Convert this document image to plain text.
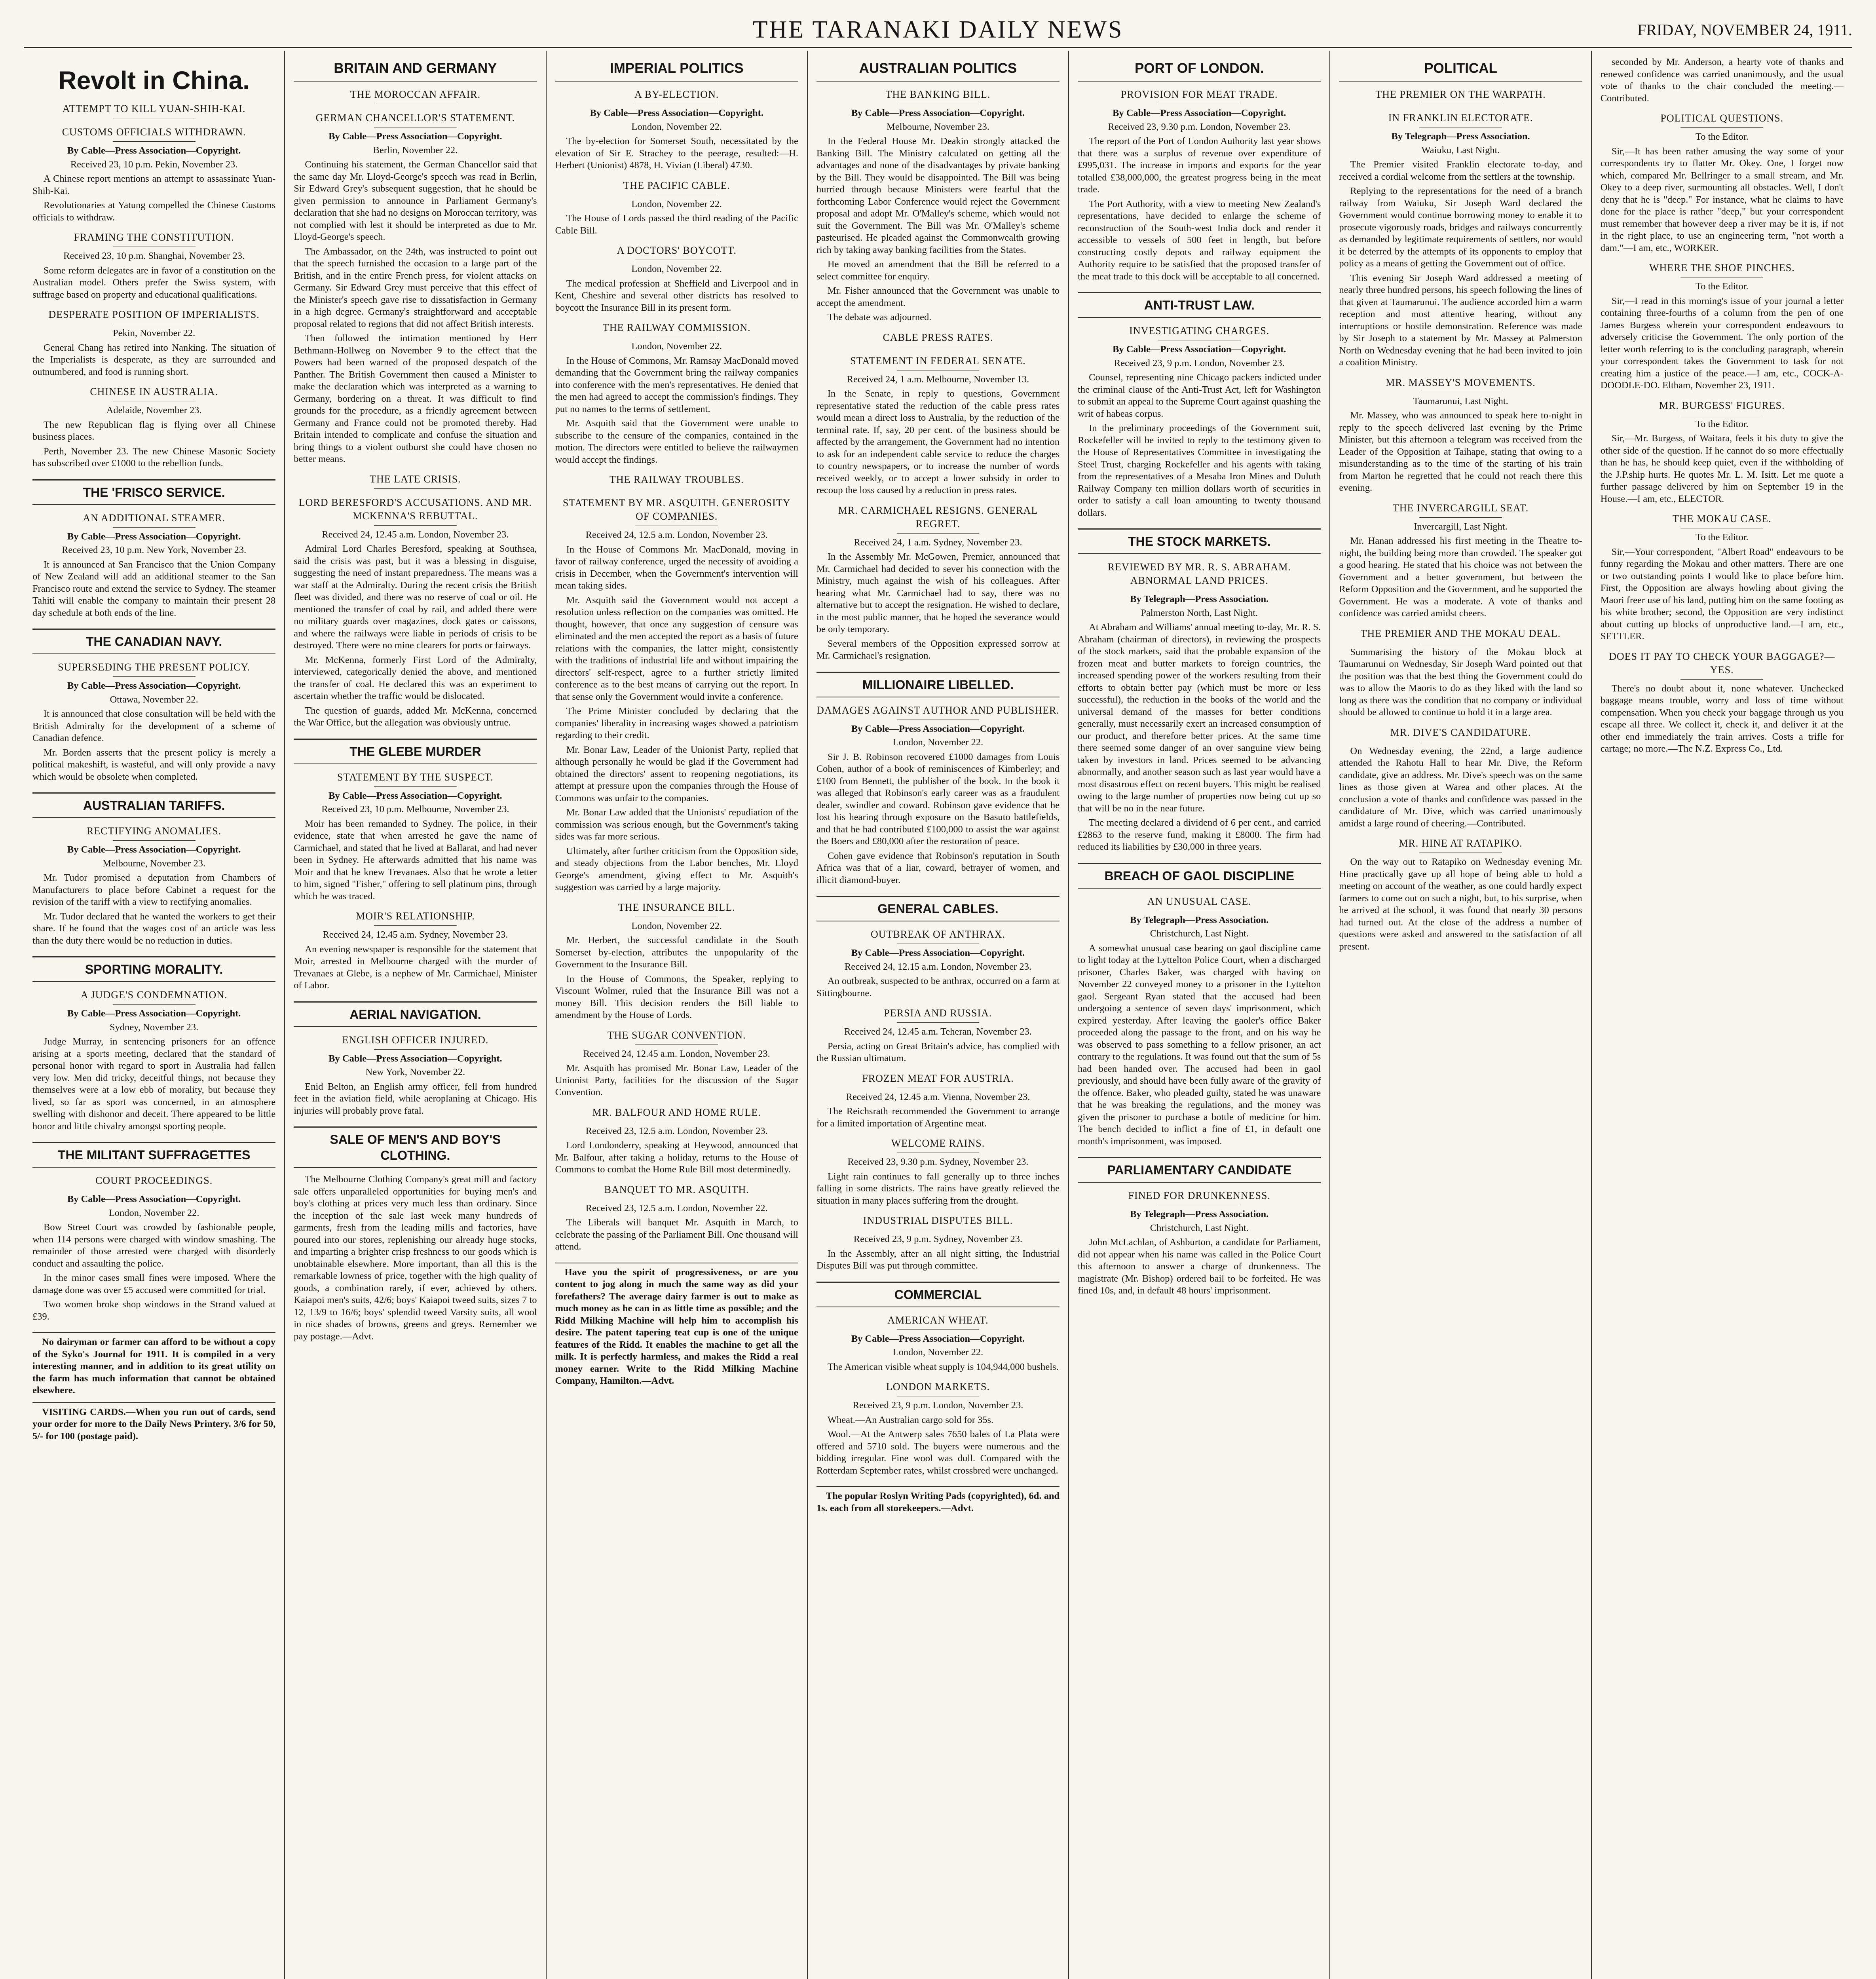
THE TARANAKI DAILY NEWS	FRIDAY, NOVEMBER 24, 1911.
Revolt in China.
ATTEMPT TO KILL YUAN-SHIH-KAI.
CUSTOMS OFFICIALS WITHDRAWN.
By Cable—Press Association—Copyright.
Received 23, 10 p.m. Pekin, November 23.

A Chinese report mentions an attempt to assassinate Yuan-Shih-Kai.

Revolutionaries at Yatung compelled the Chinese Customs officials to withdraw.

FRAMING THE CONSTITUTION.
Received 23, 10 p.m. Shanghai, November 23.

Some reform delegates are in favor of a constitution on the Australian model. Others prefer the Swiss system, with suffrage based on property and educational qualifications.

DESPERATE POSITION OF IMPERIALISTS.
Pekin, November 22.

General Chang has retired into Nanking. The situation of the Imperialists is desperate, as they are surrounded and outnumbered, and food is running short.

CHINESE IN AUSTRALIA.
Adelaide, November 23.

The new Republican flag is flying over all Chinese business places.

Perth, November 23. The new Chinese Masonic Society has subscribed over £1000 to the rebellion funds.

THE 'FRISCO SERVICE.
AN ADDITIONAL STEAMER.
By Cable—Press Association—Copyright.
Received 23, 10 p.m. New York, November 23.

It is announced at San Francisco that the Union Company of New Zealand will add an additional steamer to the San Francisco route and extend the service to Sydney. The steamer Tahiti will enable the company to maintain their present 28 day schedule at both ends of the line.

THE CANADIAN NAVY.
SUPERSEDING THE PRESENT POLICY.
By Cable—Press Association—Copyright.
Ottawa, November 22.

It is announced that close consultation will be held with the British Admiralty for the development of a scheme of Canadian defence.

Mr. Borden asserts that the present policy is merely a political makeshift, is wasteful, and will only provide a navy which would be obsolete when completed.

AUSTRALIAN TARIFFS.
RECTIFYING ANOMALIES.
By Cable—Press Association—Copyright.
Melbourne, November 23.

Mr. Tudor promised a deputation from Chambers of Manufacturers to place before Cabinet a request for the revision of the tariff with a view to rectifying anomalies.

Mr. Tudor declared that he wanted the workers to get their share. If he found that the wages cost of an article was less than the duty there would be no reduction in duties.

SPORTING MORALITY.
A JUDGE'S CONDEMNATION.
By Cable—Press Association—Copyright.
Sydney, November 23.

Judge Murray, in sentencing prisoners for an offence arising at a sports meeting, declared that the standard of personal honor with regard to sport in Australia had fallen very low. Men did tricky, deceitful things, not because they themselves were at a low ebb of morality, but because they lived, so far as sport was concerned, in an atmosphere swelling with dishonor and deceit. There appeared to be little honor and little chivalry amongst sporting people.

THE MILITANT SUFFRAGETTES
COURT PROCEEDINGS.
By Cable—Press Association—Copyright.
London, November 22.

Bow Street Court was crowded by fashionable people, when 114 persons were charged with window smashing. The remainder of those arrested were charged with disorderly conduct and assaulting the police.

In the minor cases small fines were imposed. Where the damage done was over £5 accused were committed for trial.

Two women broke shop windows in the Strand valued at £39.

No dairyman or farmer can afford to be without a copy of the Syko's Journal for 1911. It is compiled in a very interesting manner, and in addition to its great utility on the farm has much information that cannot be obtained elsewhere.

VISITING CARDS.—When you run out of cards, send your order for more to the Daily News Printery. 3/6 for 50, 5/- for 100 (postage paid).

BRITAIN AND GERMANY
THE MOROCCAN AFFAIR.
GERMAN CHANCELLOR'S STATEMENT.
By Cable—Press Association—Copyright.
Berlin, November 22.

Continuing his statement, the German Chancellor said that the same day Mr. Lloyd-George's speech was read in Berlin, Sir Edward Grey's subsequent suggestion, that he should be given permission to announce in Parliament Germany's declaration that she had no designs on Moroccan territory, was not complied with lest it should be interpreted as due to Mr. Lloyd-George's speech.

The Ambassador, on the 24th, was instructed to point out that the speech furnished the occasion to a large part of the British, and in the entire French press, for violent attacks on Germany. Sir Edward Grey must perceive that this effect of the Minister's speech gave rise to dissatisfaction in Germany in a high degree. Germany's straightforward and acceptable proposal related to regions that did not affect British interests.

Then followed the intimation mentioned by Herr Bethmann-Hollweg on November 9 to the effect that the Powers had been warned of the proposed despatch of the Panther. The British Government then caused a Minister to make the declaration which was interpreted as a warning to Germany, bordering on a threat. It was difficult to find grounds for the procedure, as a friendly agreement between Germany and France could not be promoted thereby. Had Britain intended to complicate and confuse the situation and bring things to a violent outburst she could have chosen no better means.

THE LATE CRISIS.
LORD BERESFORD'S ACCUSATIONS. AND MR. MCKENNA'S REBUTTAL.
Received 24, 12.45 a.m. London, November 23.

Admiral Lord Charles Beresford, speaking at Southsea, said the crisis was past, but it was a blessing in disguise, suggesting the need of instant preparedness. The means was a war staff at the Admiralty. During the recent crisis the British fleet was divided, and there was no reserve of coal or oil. He mentioned the transfer of coal by rail, and added there were no military guards over magazines, dock gates or caissons, and where the railways were liable in periods of crisis to be destroyed. There were no mine clearers for ports or fairways.

Mr. McKenna, formerly First Lord of the Admiralty, interviewed, categorically denied the above, and mentioned the transfer of coal. He declared this was an experiment to ascertain whether the traffic would be dislocated.

The question of guards, added Mr. McKenna, concerned the War Office, but the allegation was obviously untrue.

THE GLEBE MURDER
STATEMENT BY THE SUSPECT.
By Cable—Press Association—Copyright.
Received 23, 10 p.m. Melbourne, November 23.

Moir has been remanded to Sydney. The police, in their evidence, state that when arrested he gave the name of Carmichael, and stated that he lived at Ballarat, and had never been in Sydney. He afterwards admitted that his name was Moir and that he knew Trevanaes. Also that he wrote a letter to him, signed "Fisher," offering to sell platinum pins, through which he was traced.

MOIR'S RELATIONSHIP.
Received 24, 12.45 a.m. Sydney, November 23.

An evening newspaper is responsible for the statement that Moir, arrested in Melbourne charged with the murder of Trevanaes at Glebe, is a nephew of Mr. Carmichael, Minister of Labor.

AERIAL NAVIGATION.
ENGLISH OFFICER INJURED.
By Cable—Press Association—Copyright.
New York, November 22.

Enid Belton, an English army officer, fell from hundred feet in the aviation field, while aeroplaning at Chicago. His injuries will probably prove fatal.

SALE OF MEN'S AND BOY'S CLOTHING.

The Melbourne Clothing Company's great mill and factory sale offers unparalleled opportunities for buying men's and boy's clothing at prices very much less than ordinary. Since the inception of the sale last week many hundreds of garments, fresh from the leading mills and factories, have poured into our stores, replenishing our already huge stocks, and imparting a brighter crisp freshness to our goods which is unobtainable elsewhere. More important, than all this is the remarkable lowness of price, together with the high quality of goods, a combination rarely, if ever, achieved by others. Kaiapoi men's suits, 42/6; boys' Kaiapoi tweed suits, sizes 7 to 12, 13/9 to 16/6; boys' splendid tweed Varsity suits, all wool in nice shades of browns, greens and greys. Remember we pay postage.—Advt.

IMPERIAL POLITICS
A BY-ELECTION.
By Cable—Press Association—Copyright.
London, November 22.

The by-election for Somerset South, necessitated by the elevation of Sir E. Strachey to the peerage, resulted:—H. Herbert (Unionist) 4878, H. Vivian (Liberal) 4730.

THE PACIFIC CABLE.
London, November 22.

The House of Lords passed the third reading of the Pacific Cable Bill.

A DOCTORS' BOYCOTT.
London, November 22.

The medical profession at Sheffield and Liverpool and in Kent, Cheshire and several other districts has resolved to boycott the Insurance Bill in its present form.

THE RAILWAY COMMISSION.
London, November 22.

In the House of Commons, Mr. Ramsay MacDonald moved demanding that the Government bring the railway companies into conference with the men's representatives. He denied that the men had agreed to accept the commission's findings. They put no names to the terms of settlement.

Mr. Asquith said that the Government were unable to subscribe to the censure of the companies, contained in the motion. The directors were entitled to believe the railwaymen would accept the findings.

THE RAILWAY TROUBLES.
STATEMENT BY MR. ASQUITH. GENEROSITY OF COMPANIES.
Received 24, 12.5 a.m. London, November 23.

In the House of Commons Mr. MacDonald, moving in favor of railway conference, urged the necessity of avoiding a crisis in December, when the Government's intervention will mean taking sides.

Mr. Asquith said the Government would not accept a resolution unless reflection on the companies was omitted. He thought, however, that once any suggestion of censure was eliminated and the men accepted the report as a basis of future relations with the companies, the latter might, consistently with the traditions of industrial life and without impairing the directors' self-respect, agree to a further strictly limited conference as to the best means of carrying out the report. In that sense only the Government would invite a conference.

The Prime Minister concluded by declaring that the companies' liberality in increasing wages showed a patriotism regarding to their credit.

Mr. Bonar Law, Leader of the Unionist Party, replied that although personally he would be glad if the Government had obtained the directors' assent to reopening negotiations, its attempt at pressure upon the companies through the House of Commons was unfair to the companies.

Mr. Bonar Law added that the Unionists' repudiation of the commission was serious enough, but the Government's taking sides was far more serious.

Ultimately, after further criticism from the Opposition side, and steady objections from the Labor benches, Mr. Lloyd George's amendment, giving effect to Mr. Asquith's suggestion was carried by a large majority.

THE INSURANCE BILL.
London, November 22.

Mr. Herbert, the successful candidate in the South Somerset by-election, attributes the unpopularity of the Government to the Insurance Bill.

In the House of Commons, the Speaker, replying to Viscount Wolmer, ruled that the Insurance Bill was not a money Bill. This decision renders the Bill liable to amendment by the House of Lords.

THE SUGAR CONVENTION.
Received 24, 12.45 a.m. London, November 23.

Mr. Asquith has promised Mr. Bonar Law, Leader of the Unionist Party, facilities for the discussion of the Sugar Convention.

MR. BALFOUR AND HOME RULE.
Received 23, 12.5 a.m. London, November 23.

Lord Londonderry, speaking at Heywood, announced that Mr. Balfour, after taking a holiday, returns to the House of Commons to combat the Home Rule Bill most determinedly.

BANQUET TO MR. ASQUITH.
Received 23, 12.5 a.m. London, November 22.

The Liberals will banquet Mr. Asquith in March, to celebrate the passing of the Parliament Bill. One thousand will attend.

Have you the spirit of progressiveness, or are you content to jog along in much the same way as did your forefathers? The average dairy farmer is out to make as much money as he can in as little time as possible; and the Ridd Milking Machine will help him to accomplish his desire. The patent tapering teat cup is one of the unique features of the Ridd. It enables the machine to get all the milk. It is perfectly harmless, and makes the Ridd a real money earner. Write to the Ridd Milking Machine Company, Hamilton.—Advt.

AUSTRALIAN POLITICS
THE BANKING BILL.
By Cable—Press Association—Copyright.
Melbourne, November 23.

In the Federal House Mr. Deakin strongly attacked the Banking Bill. The Ministry calculated on getting all the advantages and none of the disadvantages by private banking by the Bill. They would be disappointed. The Bill was being hurried through because Ministers were fearful that the forthcoming Labor Conference would reject the Government proposal and adopt Mr. O'Malley's scheme, which would not suit the Government. The Bill was Mr. O'Malley's scheme pasteurised. He pleaded against the Commonwealth growing rich by taking away banking facilities from the States.

He moved an amendment that the Bill be referred to a select committee for enquiry.

Mr. Fisher announced that the Government was unable to accept the amendment.

The debate was adjourned.

CABLE PRESS RATES.
STATEMENT IN FEDERAL SENATE.
Received 24, 1 a.m. Melbourne, November 13.

In the Senate, in reply to questions, Government representative stated the reduction of the cable press rates would mean a direct loss to Australia, by the reduction of the terminal rate. If, say, 20 per cent. of the business should be affected by the arrangement, the Government had no intention to ask for an independent cable service to reduce the charges to country newspapers, or to increase the number of words received weekly, or to accept a lower subsidy in order to recoup the loss caused by a reduction in press rates.

MR. CARMICHAEL RESIGNS. GENERAL REGRET.
Received 24, 1 a.m. Sydney, November 23.

In the Assembly Mr. McGowen, Premier, announced that Mr. Carmichael had decided to sever his connection with the Ministry, much against the wish of his colleagues. After hearing what Mr. Carmichael had to say, there was no alternative but to accept the resignation. He wished to declare, in the most public manner, that he hoped the severance would be only temporary.

Several members of the Opposition expressed sorrow at Mr. Carmichael's resignation.

MILLIONAIRE LIBELLED.
DAMAGES AGAINST AUTHOR AND PUBLISHER.
By Cable—Press Association—Copyright.
London, November 22.

Sir J. B. Robinson recovered £1000 damages from Louis Cohen, author of a book of reminiscences of Kimberley; and £100 from Bennett, the publisher of the book. In the book it was alleged that Robinson's early career was as a fraudulent dealer, swindler and coward. Robinson gave evidence that he lost his hearing through exposure on the Basuto battlefields, and that he had contributed £100,000 to assist the war against the Boers and £80,000 after the restoration of peace.

Cohen gave evidence that Robinson's reputation in South Africa was that of a liar, coward, betrayer of women, and illicit diamond-buyer.

GENERAL CABLES.
OUTBREAK OF ANTHRAX.
By Cable—Press Association—Copyright.
Received 24, 12.15 a.m. London, November 23.

An outbreak, suspected to be anthrax, occurred on a farm at Sittingbourne.

PERSIA AND RUSSIA.
Received 24, 12.45 a.m. Teheran, November 23.

Persia, acting on Great Britain's advice, has complied with the Russian ultimatum.

FROZEN MEAT FOR AUSTRIA.
Received 24, 12.45 a.m. Vienna, November 23.

The Reichsrath recommended the Government to arrange for a limited importation of Argentine meat.

WELCOME RAINS.
Received 23, 9.30 p.m. Sydney, November 23.

Light rain continues to fall generally up to three inches falling in some districts. The rains have greatly relieved the situation in many places suffering from the drought.

INDUSTRIAL DISPUTES BILL.
Received 23, 9 p.m. Sydney, November 23.

In the Assembly, after an all night sitting, the Industrial Disputes Bill was put through committee.

COMMERCIAL
AMERICAN WHEAT.
By Cable—Press Association—Copyright.
London, November 22.

The American visible wheat supply is 104,944,000 bushels.

LONDON MARKETS.
Received 23, 9 p.m. London, November 23.

Wheat.—An Australian cargo sold for 35s.

Wool.—At the Antwerp sales 7650 bales of La Plata were offered and 5710 sold. The buyers were numerous and the bidding irregular. Fine wool was dull. Compared with the Rotterdam September rates, whilst crossbred were unchanged.

The popular Roslyn Writing Pads (copyrighted), 6d. and 1s. each from all storekeepers.—Advt.

PORT OF LONDON.
PROVISION FOR MEAT TRADE.
By Cable—Press Association—Copyright.
Received 23, 9.30 p.m. London, November 23.

The report of the Port of London Authority last year shows that there was a surplus of revenue over expenditure of £995,031. The increase in imports and exports for the year totalled £38,000,000, the greatest progress being in the meat trade.

The Port Authority, with a view to meeting New Zealand's representations, have decided to enlarge the scheme of reconstruction of the South-west India dock and render it accessible to vessels of 500 feet in length, but before constructing costly depots and railway equipment the Authority require to be satisfied that the proposed transfer of the meat trade to this dock will be acceptable to all concerned.

ANTI-TRUST LAW.
INVESTIGATING CHARGES.
By Cable—Press Association—Copyright.
Received 23, 9 p.m. London, November 23.

Counsel, representing nine Chicago packers indicted under the criminal clause of the Anti-Trust Act, left for Washington to submit an appeal to the Supreme Court against quashing the writ of habeas corpus.

In the preliminary proceedings of the Government suit, Rockefeller will be invited to reply to the testimony given to the House of Representatives Committee in investigating the Steel Trust, charging Rockefeller and his agents with taking from the representatives of a Mesaba Iron Mines and Duluth Railway Company ten million dollars worth of securities in order to satisfy a call loan amounting to twenty thousand dollars.

THE STOCK MARKETS.
REVIEWED BY MR. R. S. ABRAHAM. ABNORMAL LAND PRICES.
By Telegraph—Press Association.
Palmerston North, Last Night.

At Abraham and Williams' annual meeting to-day, Mr. R. S. Abraham (chairman of directors), in reviewing the prospects of the stock markets, said that the probable expansion of the frozen meat and butter markets to foreign countries, the increased spending power of the workers resulting from their efforts to obtain better pay (which must be more or less successful), the reduction in the books of the world and the universal demand of the masses for better conditions generally, must necessarily exert an increased consumption of our product, and therefore better prices. At the same time there seemed some danger of an over sanguine view being taken by investors in land. Prices seemed to be advancing abnormally, and another season such as last year would have a most disastrous effect on recent buyers. This might be realised owing to the large number of properties now being cut up so that will be no in the near future.

The meeting declared a dividend of 6 per cent., and carried £2863 to the reserve fund, making it £8000. The firm had reduced its liabilities by £30,000 in three years.

BREACH OF GAOL DISCIPLINE
AN UNUSUAL CASE.
By Telegraph—Press Association.
Christchurch, Last Night.

A somewhat unusual case bearing on gaol discipline came to light today at the Lyttelton Police Court, when a discharged prisoner, Charles Baker, was charged with having on November 22 conveyed money to a prisoner in the Lyttelton gaol. Sergeant Ryan stated that the accused had been undergoing a sentence of seven days' imprisonment, which expired yesterday. After leaving the gaoler's office Baker proceeded along the passage to the front, and on his way he was observed to pass something to a fellow prisoner, an act contrary to the regulations. It was found out that the sum of 5s had been handed over. The accused had been in gaol previously, and should have been fully aware of the gravity of the offence. Baker, who pleaded guilty, stated he was unaware that he was breaking the regulations, and the money was given the prisoner to purchase a bottle of medicine for him. The bench decided to inflict a fine of £1, in default one month's imprisonment, was imposed.

PARLIAMENTARY CANDIDATE
FINED FOR DRUNKENNESS.
By Telegraph—Press Association.
Christchurch, Last Night.

John McLachlan, of Ashburton, a candidate for Parliament, did not appear when his name was called in the Police Court this afternoon to answer a charge of drunkenness. The magistrate (Mr. Bishop) ordered bail to be forfeited. He was fined 10s, and, in default 48 hours' imprisonment.

POLITICAL
THE PREMIER ON THE WARPATH.
IN FRANKLIN ELECTORATE.
By Telegraph—Press Association.
Waiuku, Last Night.

The Premier visited Franklin electorate to-day, and received a cordial welcome from the settlers at the township.

Replying to the representations for the need of a branch railway from Waiuku, Sir Joseph Ward declared the Government would continue borrowing money to enable it to prosecute vigorously roads, bridges and railways concurrently as demanded by legitimate requirements of settlers, nor would it be deterred by the attempts of its opponents to employ that policy as a means of getting the Government out of office.

This evening Sir Joseph Ward addressed a meeting of nearly three hundred persons, his speech following the lines of that given at Taumarunui. The audience accorded him a warm reception and most attentive hearing, without any interruptions or hostile demonstration. Reference was made by Sir Joseph to a statement by Mr. Massey at Palmerston North on Wednesday evening that he had been invited to join a coalition Ministry.

MR. MASSEY'S MOVEMENTS.
Taumarunui, Last Night.

Mr. Massey, who was announced to speak here to-night in reply to the speech delivered last evening by the Prime Minister, but this afternoon a telegram was received from the Leader of the Opposition at Taihape, stating that owing to a misunderstanding as to the time of the starting of his train from Marton he regretted that he could not reach there this evening.

THE INVERCARGILL SEAT.
Invercargill, Last Night.

Mr. Hanan addressed his first meeting in the Theatre to-night, the building being more than crowded. The speaker got a good hearing. He stated that his choice was not between the Government and a better government, but between the Reform Opposition and the Government, and he supported the Government. He was a moderate. A vote of thanks and confidence was carried amidst cheers.

THE PREMIER AND THE MOKAU DEAL.

Summarising the history of the Mokau block at Taumarunui on Wednesday, Sir Joseph Ward pointed out that the position was that the best thing the Government could do was to allow the Maoris to do as they liked with the land so long as there was the condition that no company or individual should be allowed to continue to hold it in a large area.

MR. DIVE'S CANDIDATURE.

On Wednesday evening, the 22nd, a large audience attended the Rahotu Hall to hear Mr. Dive, the Reform candidate, give an address. Mr. Dive's speech was on the same lines as those given at Warea and other places. At the conclusion a vote of thanks and confidence was passed in the candidature of Mr. Dive, which was carried unanimously amidst a large round of cheering.—Contributed.

MR. HINE AT RATAPIKO.

On the way out to Ratapiko on Wednesday evening Mr. Hine practically gave up all hope of being able to hold a meeting on account of the weather, as one could hardly expect farmers to come out on such a night, but, to his surprise, when he arrived at the school, it was found that nearly 30 persons had turned out. At the close of the address a number of questions were asked and answered to the satisfaction of all present.

seconded by Mr. Anderson, a hearty vote of thanks and renewed confidence was carried unanimously, and the usual vote of thanks to the chair concluded the meeting.—Contributed.

POLITICAL QUESTIONS.
To the Editor.

Sir,—It has been rather amusing the way some of your correspondents try to flatter Mr. Okey. One, I forget now which, compared Mr. Bellringer to a small stream, and Mr. Okey to a deep river, surmounting all obstacles. Well, I don't deny that he is "deep." For instance, what he claims to have done for the place is rather "deep," but your correspondent must remember that however deep a river may be it is, if not in the right place, to use an engineering term, "not worth a dam."—I am, etc., WORKER.

WHERE THE SHOE PINCHES.
To the Editor.

Sir,—I read in this morning's issue of your journal a letter containing three-fourths of a column from the pen of one James Burgess wherein your correspondent endeavours to adversely criticise the Government. The only portion of the letter worth referring to is the concluding paragraph, wherein your correspondent takes the Government to task for not creating him a justice of the peace.—I am, etc., COCK-A-DOODLE-DO. Eltham, November 23, 1911.

MR. BURGESS' FIGURES.
To the Editor.

Sir,—Mr. Burgess, of Waitara, feels it his duty to give the other side of the question. If he cannot do so more effectually than he has, he should keep quiet, even if the withholding of the J.P.ship hurts. He quotes Mr. L. M. Isitt. Let me quote a further passage delivered by him on September 19 in the House.—I am, etc., ELECTOR.

THE MOKAU CASE.
To the Editor.

Sir,—Your correspondent, "Albert Road" endeavours to be funny regarding the Mokau and other matters. There are one or two outstanding points I would like to place before him. First, the Opposition are always howling about giving the Maori freer use of his land, putting him on the same footing as his white brother; second, the Opposition are very indistinct about cutting up blocks of unproductive land.—I am, etc., SETTLER.

DOES IT PAY TO CHECK YOUR BAGGAGE?—YES.

There's no doubt about it, none whatever. Unchecked baggage means trouble, worry and loss of time without compensation. When you check your baggage through us you escape all three. We collect it, check it, and deliver it at the other end immediately the train arrives. Costs a trifle for cartage; no more.—The N.Z. Express Co., Ltd.
